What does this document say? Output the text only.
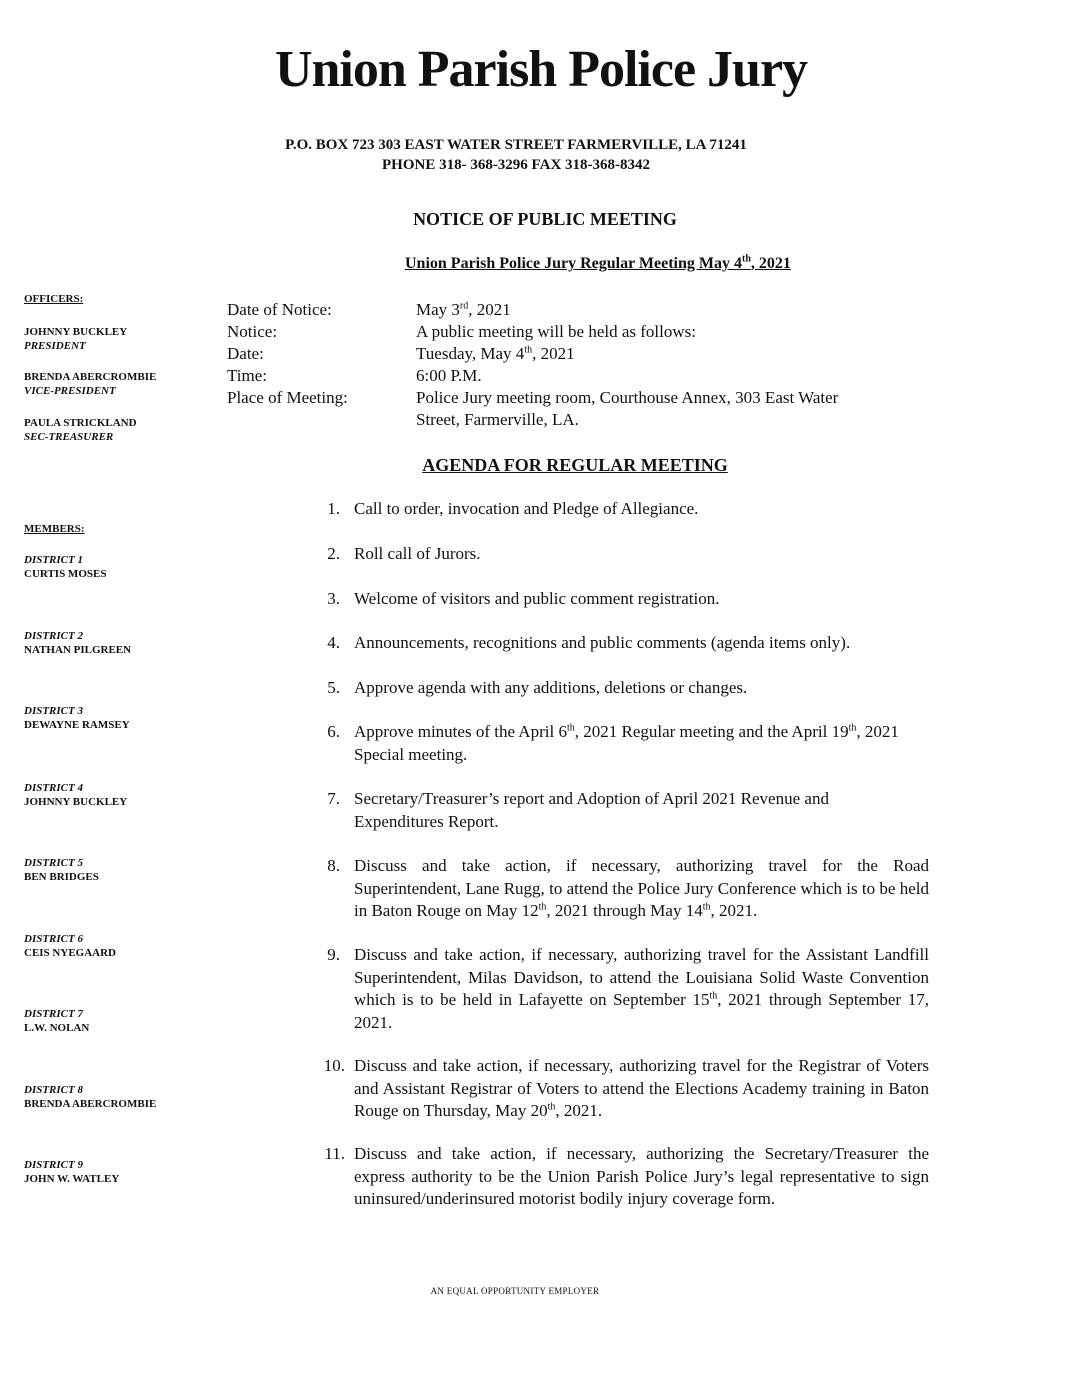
Union Parish Police Jury
P.O. BOX 723 303 EAST WATER STREET FARMERVILLE, LA 71241
PHONE 318- 368-3296 FAX 318-368-8342
NOTICE OF PUBLIC MEETING
Union Parish Police Jury Regular Meeting May 4th, 2021
OFFICERS:
JOHNNY BUCKLEY
PRESIDENT
BRENDA ABERCROMBIE
VICE-PRESIDENT
PAULA STRICKLAND
SEC-TREASURER
MEMBERS:
DISTRICT 1
CURTIS MOSES
DISTRICT 2
NATHAN PILGREEN
DISTRICT 3
DEWAYNE RAMSEY
DISTRICT 4
JOHNNY BUCKLEY
DISTRICT 5
BEN BRIDGES
DISTRICT 6
CEIS NYEGAARD
DISTRICT 7
L.W. NOLAN
DISTRICT 8
BRENDA ABERCROMBIE
DISTRICT 9
JOHN W. WATLEY
Date of Notice:	May 3rd, 2021
Notice:	A public meeting will be held as follows:
Date:	Tuesday, May 4th, 2021
Time:	6:00 P.M.
Place of Meeting:	Police Jury meeting room, Courthouse Annex, 303 East Water Street, Farmerville, LA.
AGENDA FOR REGULAR MEETING
1. Call to order, invocation and Pledge of Allegiance.
2. Roll call of Jurors.
3. Welcome of visitors and public comment registration.
4. Announcements, recognitions and public comments (agenda items only).
5. Approve agenda with any additions, deletions or changes.
6. Approve minutes of the April 6th, 2021 Regular meeting and the April 19th, 2021 Special meeting.
7. Secretary/Treasurer’s report and Adoption of April 2021 Revenue and Expenditures Report.
8. Discuss and take action, if necessary, authorizing travel for the Road Superintendent, Lane Rugg, to attend the Police Jury Conference which is to be held in Baton Rouge on May 12th, 2021 through May 14th, 2021.
9. Discuss and take action, if necessary, authorizing travel for the Assistant Landfill Superintendent, Milas Davidson, to attend the Louisiana Solid Waste Convention which is to be held in Lafayette on September 15th, 2021 through September 17, 2021.
10. Discuss and take action, if necessary, authorizing travel for the Registrar of Voters and Assistant Registrar of Voters to attend the Elections Academy training in Baton Rouge on Thursday, May 20th, 2021.
11. Discuss and take action, if necessary, authorizing the Secretary/Treasurer the express authority to be the Union Parish Police Jury’s legal representative to sign uninsured/underinsured motorist bodily injury coverage form.
AN EQUAL OPPORTUNITY EMPLOYER
